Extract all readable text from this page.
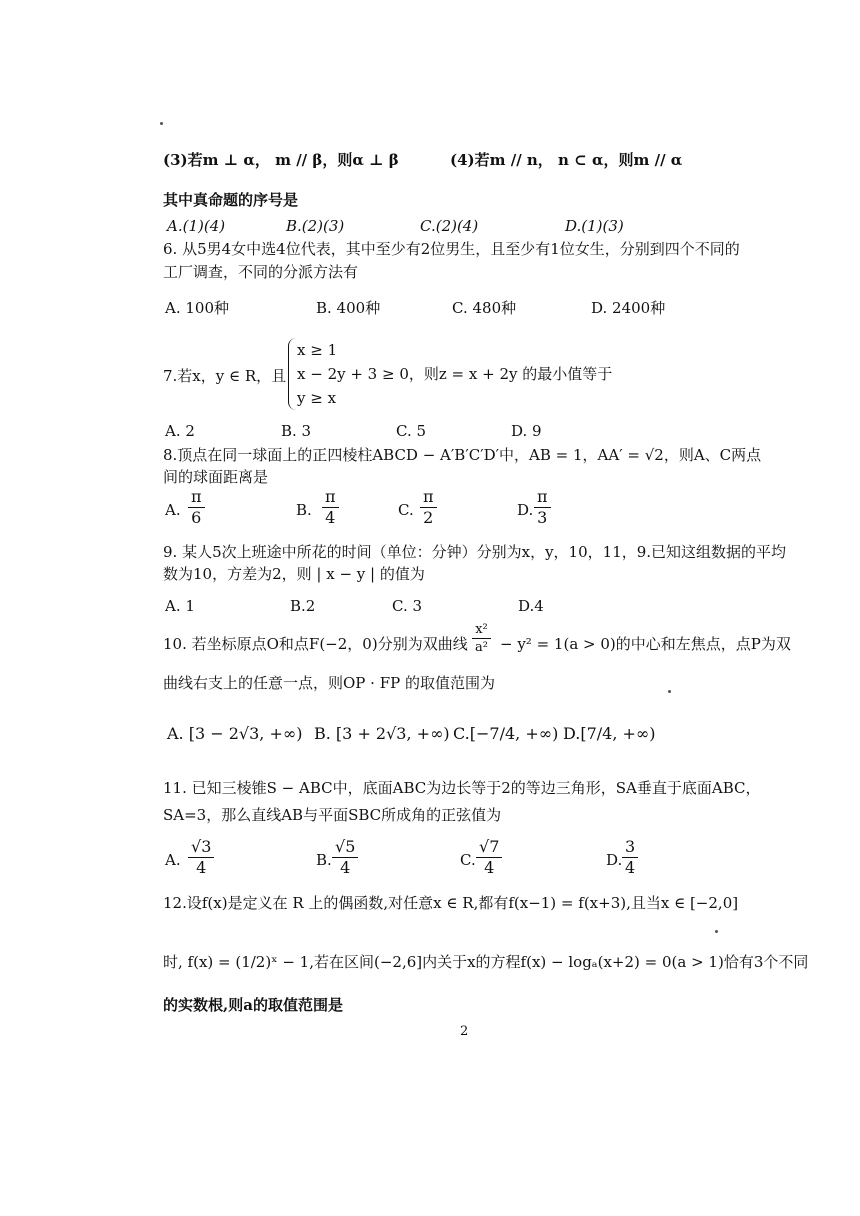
(3)若m ⊥ α， m // β，则α ⊥ β	(4)若m // n， n ⊂ α，则m // α
其中真命题的序号是
A.(1)(4)	B.(2)(3)	C.(2)(4)	D.(1)(3)
6. 从5男4女中选4位代表，其中至少有2位男生，且至少有1位女生，分别到四个不同的
工厂调查，不同的分派方法有
A. 100种	B. 400种	C. 480种	D. 2400种
7.若x，y ∈ R，且
x ≥ 1
x − 2y + 3 ≥ 0，则z = x + 2y 的最小值等于
y ≥ x
A. 2	B. 3	C. 5	D. 9
8.顶点在同一球面上的正四棱柱ABCD − A′B′C′D′中，AB = 1，AA′ = √2，则A、C两点
间的球面距离是
A. $\frac{\pi}{6}$	B. $\frac{\pi}{4}$	C. $\frac{\pi}{2}$	D. $\frac{\pi}{3}$
9. 某人5次上班途中所花的时间（单位：分钟）分别为x，y，10，11，9.已知这组数据的平均
数为10，方差为2，则 | x − y | 的值为
A. 1	B.2	C. 3	D.4
10. 若坐标原点O和点F(−2，0)分别为双曲线 $\frac{\text{x²}}{\text{a²}} - y^2 = 1(a > 0)$的中心和左焦点，点P为双
曲线右支上的任意一点，则OP · FP 的取值范围为
A. [3 − 2√3, +∞) B. [3 + 2√3, +∞) C.[−7/4, +∞) D.[7/4, +∞)
11. 已知三棱锥S − ABC中，底面ABC为边长等于2的等边三角形，SA垂直于底面ABC，
SA=3，那么直线AB与平面SBC所成角的正弦值为
A. $\frac{√3}{4}$	B. $\frac{√5}{4}$	C. $\frac{√7}{4}$	D. $\frac{3}{4}$
12.设f(x)是定义在 R 上的偶函数,对任意x ∈ R,都有f(x−1) = f(x+3),且当x ∈ [−2,0]
时, f(x) = (1/2)ˣ − 1,若在区间(−2,6]内关于x的方程f(x) − logₐ(x+2) = 0(a > 1)恰有3个不同
的实数根,则a的取值范围是
2
